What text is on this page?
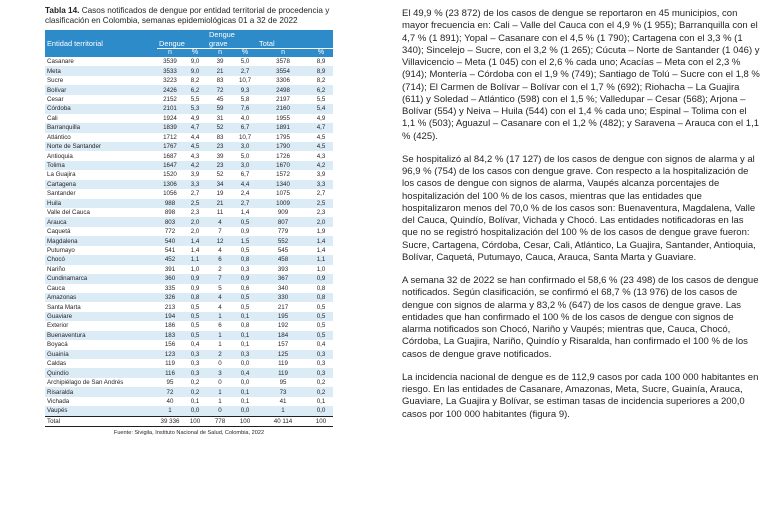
Tabla 14. Casos notificados de dengue por entidad territorial de procedencia y clasificación en Colombia, semanas epidemiológicas 01 a 32 de 2022

Entidad territorial	Dengue		Dengue grave		Total	
	n	%	n	%	n	%
Casanare	3539	9,0	39	5,0	3578	8,9
Meta	3533	9,0	21	2,7	3554	8,9
Sucre	3223	8,2	83	10,7	3306	8,2
Bolívar	2426	6,2	72	9,3	2498	6,2
Cesar	2152	5,5	45	5,8	2197	5,5
Córdoba	2101	5,3	59	7,6	2160	5,4
Cali	1924	4,9	31	4,0	1955	4,9
Barranquilla	1839	4,7	52	6,7	1891	4,7
Atlántico	1712	4,4	83	10,7	1795	4,5
Norte de Santander	1767	4,5	23	3,0	1790	4,5
Antioquia	1687	4,3	39	5,0	1726	4,3
Tolima	1647	4,2	23	3,0	1670	4,2
La Guajira	1520	3,9	52	6,7	1572	3,9
Cartagena	1306	3,3	34	4,4	1340	3,3
Santander	1056	2,7	19	2,4	1075	2,7
Huila	988	2,5	21	2,7	1009	2,5
Valle del Cauca	898	2,3	11	1,4	909	2,3
Arauca	803	2,0	4	0,5	807	2,0
Caquetá	772	2,0	7	0,9	779	1,9
Magdalena	540	1,4	12	1,5	552	1,4
Putumayo	541	1,4	4	0,5	545	1,4
Chocó	452	1,1	6	0,8	458	1,1
Nariño	391	1,0	2	0,3	393	1,0
Cundinamarca	360	0,9	7	0,9	367	0,9
Cauca	335	0,9	5	0,6	340	0,8
Amazonas	326	0,8	4	0,5	330	0,8
Santa Marta	213	0,5	4	0,5	217	0,5
Guaviare	194	0,5	1	0,1	195	0,5
Exterior	186	0,5	6	0,8	192	0,5
Buenaventura	183	0,5	1	0,1	184	0,5
Boyacá	156	0,4	1	0,1	157	0,4
Guainía	123	0,3	2	0,3	125	0,3
Caldas	119	0,3	0	0,0	119	0,3
Quindío	116	0,3	3	0,4	119	0,3
Archipiélago de San Andrés	95	0,2	0	0,0	95	0,2
Risaralda	72	0,2	1	0,1	73	0,2
Vichada	40	0,1	1	0,1	41	0,1
Vaupés	1	0,0	0	0,0	1	0,0
Total	39 336	100	778	100	40 114	100
Fuente: Sivigila, Instituto Nacional de Salud, Colombia, 2022

El 49,9 % (23 872) de los casos de dengue se reportaron en 45 municipios, con mayor frecuencia en: Cali – Valle del Cauca con el 4,9 % (1 955); Barranquilla con el 4,7 % (1 891); Yopal – Casanare con el 4,5 % (1 790); Cartagena con el 3,3 % (1 340); Sincelejo – Sucre, con el 3,2 % (1 265); Cúcuta – Norte de Santander (1 046) y Villavicencio – Meta (1 045) con el 2,6 % cada uno; Acacías – Meta con el 2,3 % (914); Montería – Córdoba con el 1,9 % (749); Santiago de Tolú – Sucre con el 1,8 % (714); El Carmen de Bolívar – Bolívar con el 1,7 % (692); Riohacha – La Guajira (611) y Soledad – Atlántico (598) con el 1,5 %; Valledupar – Cesar (568); Arjona – Bolívar (554) y Neiva – Huila (544) con el 1,4 % cada uno; Espinal – Tolima con el 1,1 % (503); Aguazul – Casanare con el 1,2 % (482); y Saravena – Arauca con el 1,1 % (425).

Se hospitalizó al 84,2 % (17 127) de los casos de dengue con signos de alarma y al 96,9 % (754) de los casos con dengue grave. Con respecto a la hospitalización de los casos de dengue con signos de alarma, Vaupés alcanza porcentajes de hospitalización del 100 % de los casos, mientras que las entidades que hospitalizaron menos del 70,0 % de los casos son: Buenaventura, Magdalena, Valle del Cauca, Quindío, Bolívar, Vichada y Chocó. Las entidades notificadoras en las que no se registró hospitalización del 100 % de los casos de dengue grave fueron: Sucre, Cartagena, Córdoba, Cesar, Cali, Atlántico, La Guajira, Santander, Antioquia, Bolívar, Caquetá, Putumayo, Cauca, Arauca, Santa Marta y Guaviare.

A semana 32 de 2022 se han confirmado el 58,6 % (23 498) de los casos de dengue notificados. Según clasificación, se confirmó el 68,7 % (13 976) de los casos de dengue con signos de alarma y 83,2 % (647) de los casos de dengue grave. Las entidades que han confirmado el 100 % de los casos de dengue con signos de alarma notificados son Chocó, Nariño y Vaupés; mientras que, Cauca, Chocó, Córdoba, La Guajira, Nariño, Quindío y Risaralda, han confirmado el 100 % de los casos de dengue grave notificados.

La incidencia nacional de dengue es de 112,9 casos por cada 100 000 habitantes en riesgo. En las entidades de Casanare, Amazonas, Meta, Sucre, Guainía, Arauca, Guaviare, La Guajira y Bolívar, se estiman tasas de incidencia superiores a 200,0 casos por 100 000 habitantes (figura 9).
